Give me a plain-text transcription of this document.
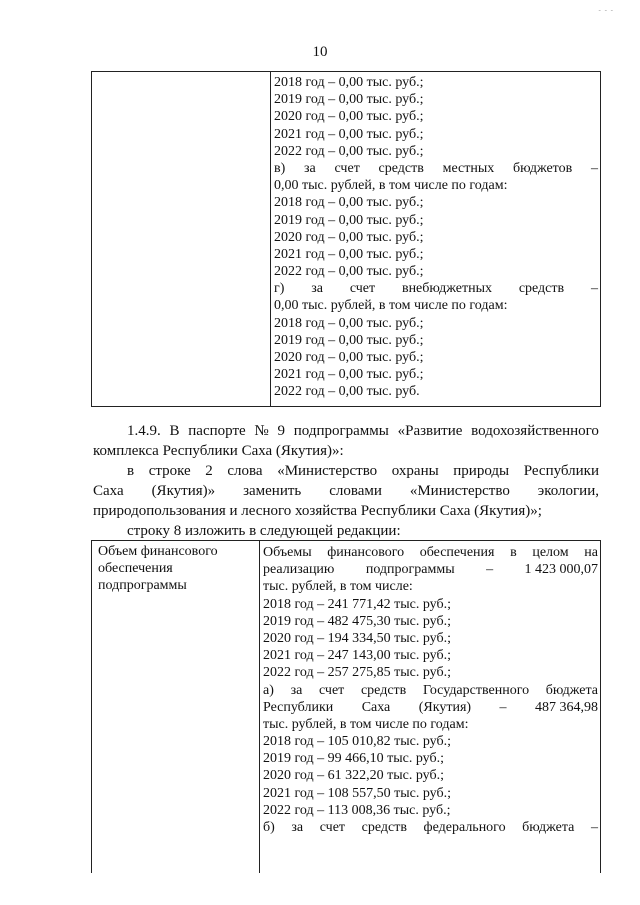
- - -
10
2018 год – 0,00 тыс. руб.;
2019 год – 0,00 тыс. руб.;
2020 год – 0,00 тыс. руб.;
2021 год – 0,00 тыс. руб.;
2022 год – 0,00 тыс. руб.;
в) за счет средств местных бюджетов –
0,00 тыс. рублей, в том числе по годам:
2018 год – 0,00 тыс. руб.;
2019 год – 0,00 тыс. руб.;
2020 год – 0,00 тыс. руб.;
2021 год – 0,00 тыс. руб.;
2022 год – 0,00 тыс. руб.;
г) за счет внебюджетных средств –
0,00 тыс. рублей, в том числе по годам:
2018 год – 0,00 тыс. руб.;
2019 год – 0,00 тыс. руб.;
2020 год – 0,00 тыс. руб.;
2021 год – 0,00 тыс. руб.;
2022 год – 0,00 тыс. руб.
1.4.9. В паспорте № 9 подпрограммы «Развитие водохозяйственного
комплекса Республики Саха (Якутия)»:
в строке 2 слова «Министерство охраны природы Республики
Саха (Якутия)» заменить словами «Министерство экологии,
природопользования и лесного хозяйства Республики Саха (Якутия)»;
строку 8 изложить в следующей редакции:
Объем финансового
обеспечения
подпрограммы
Объемы финансового обеспечения в целом на
реализацию подпрограммы – 1 423 000,07
тыс. рублей, в том числе:
2018 год – 241 771,42 тыс. руб.;
2019 год – 482 475,30 тыс. руб.;
2020 год – 194 334,50 тыс. руб.;
2021 год – 247 143,00 тыс. руб.;
2022 год – 257 275,85 тыс. руб.;
а) за счет средств Государственного бюджета
Республики Саха (Якутия) – 487 364,98
тыс. рублей, в том числе по годам:
2018 год – 105 010,82 тыс. руб.;
2019 год – 99 466,10 тыс. руб.;
2020 год – 61 322,20 тыс. руб.;
2021 год – 108 557,50 тыс. руб.;
2022 год – 113 008,36 тыс. руб.;
б) за счет средств федерального бюджета –
